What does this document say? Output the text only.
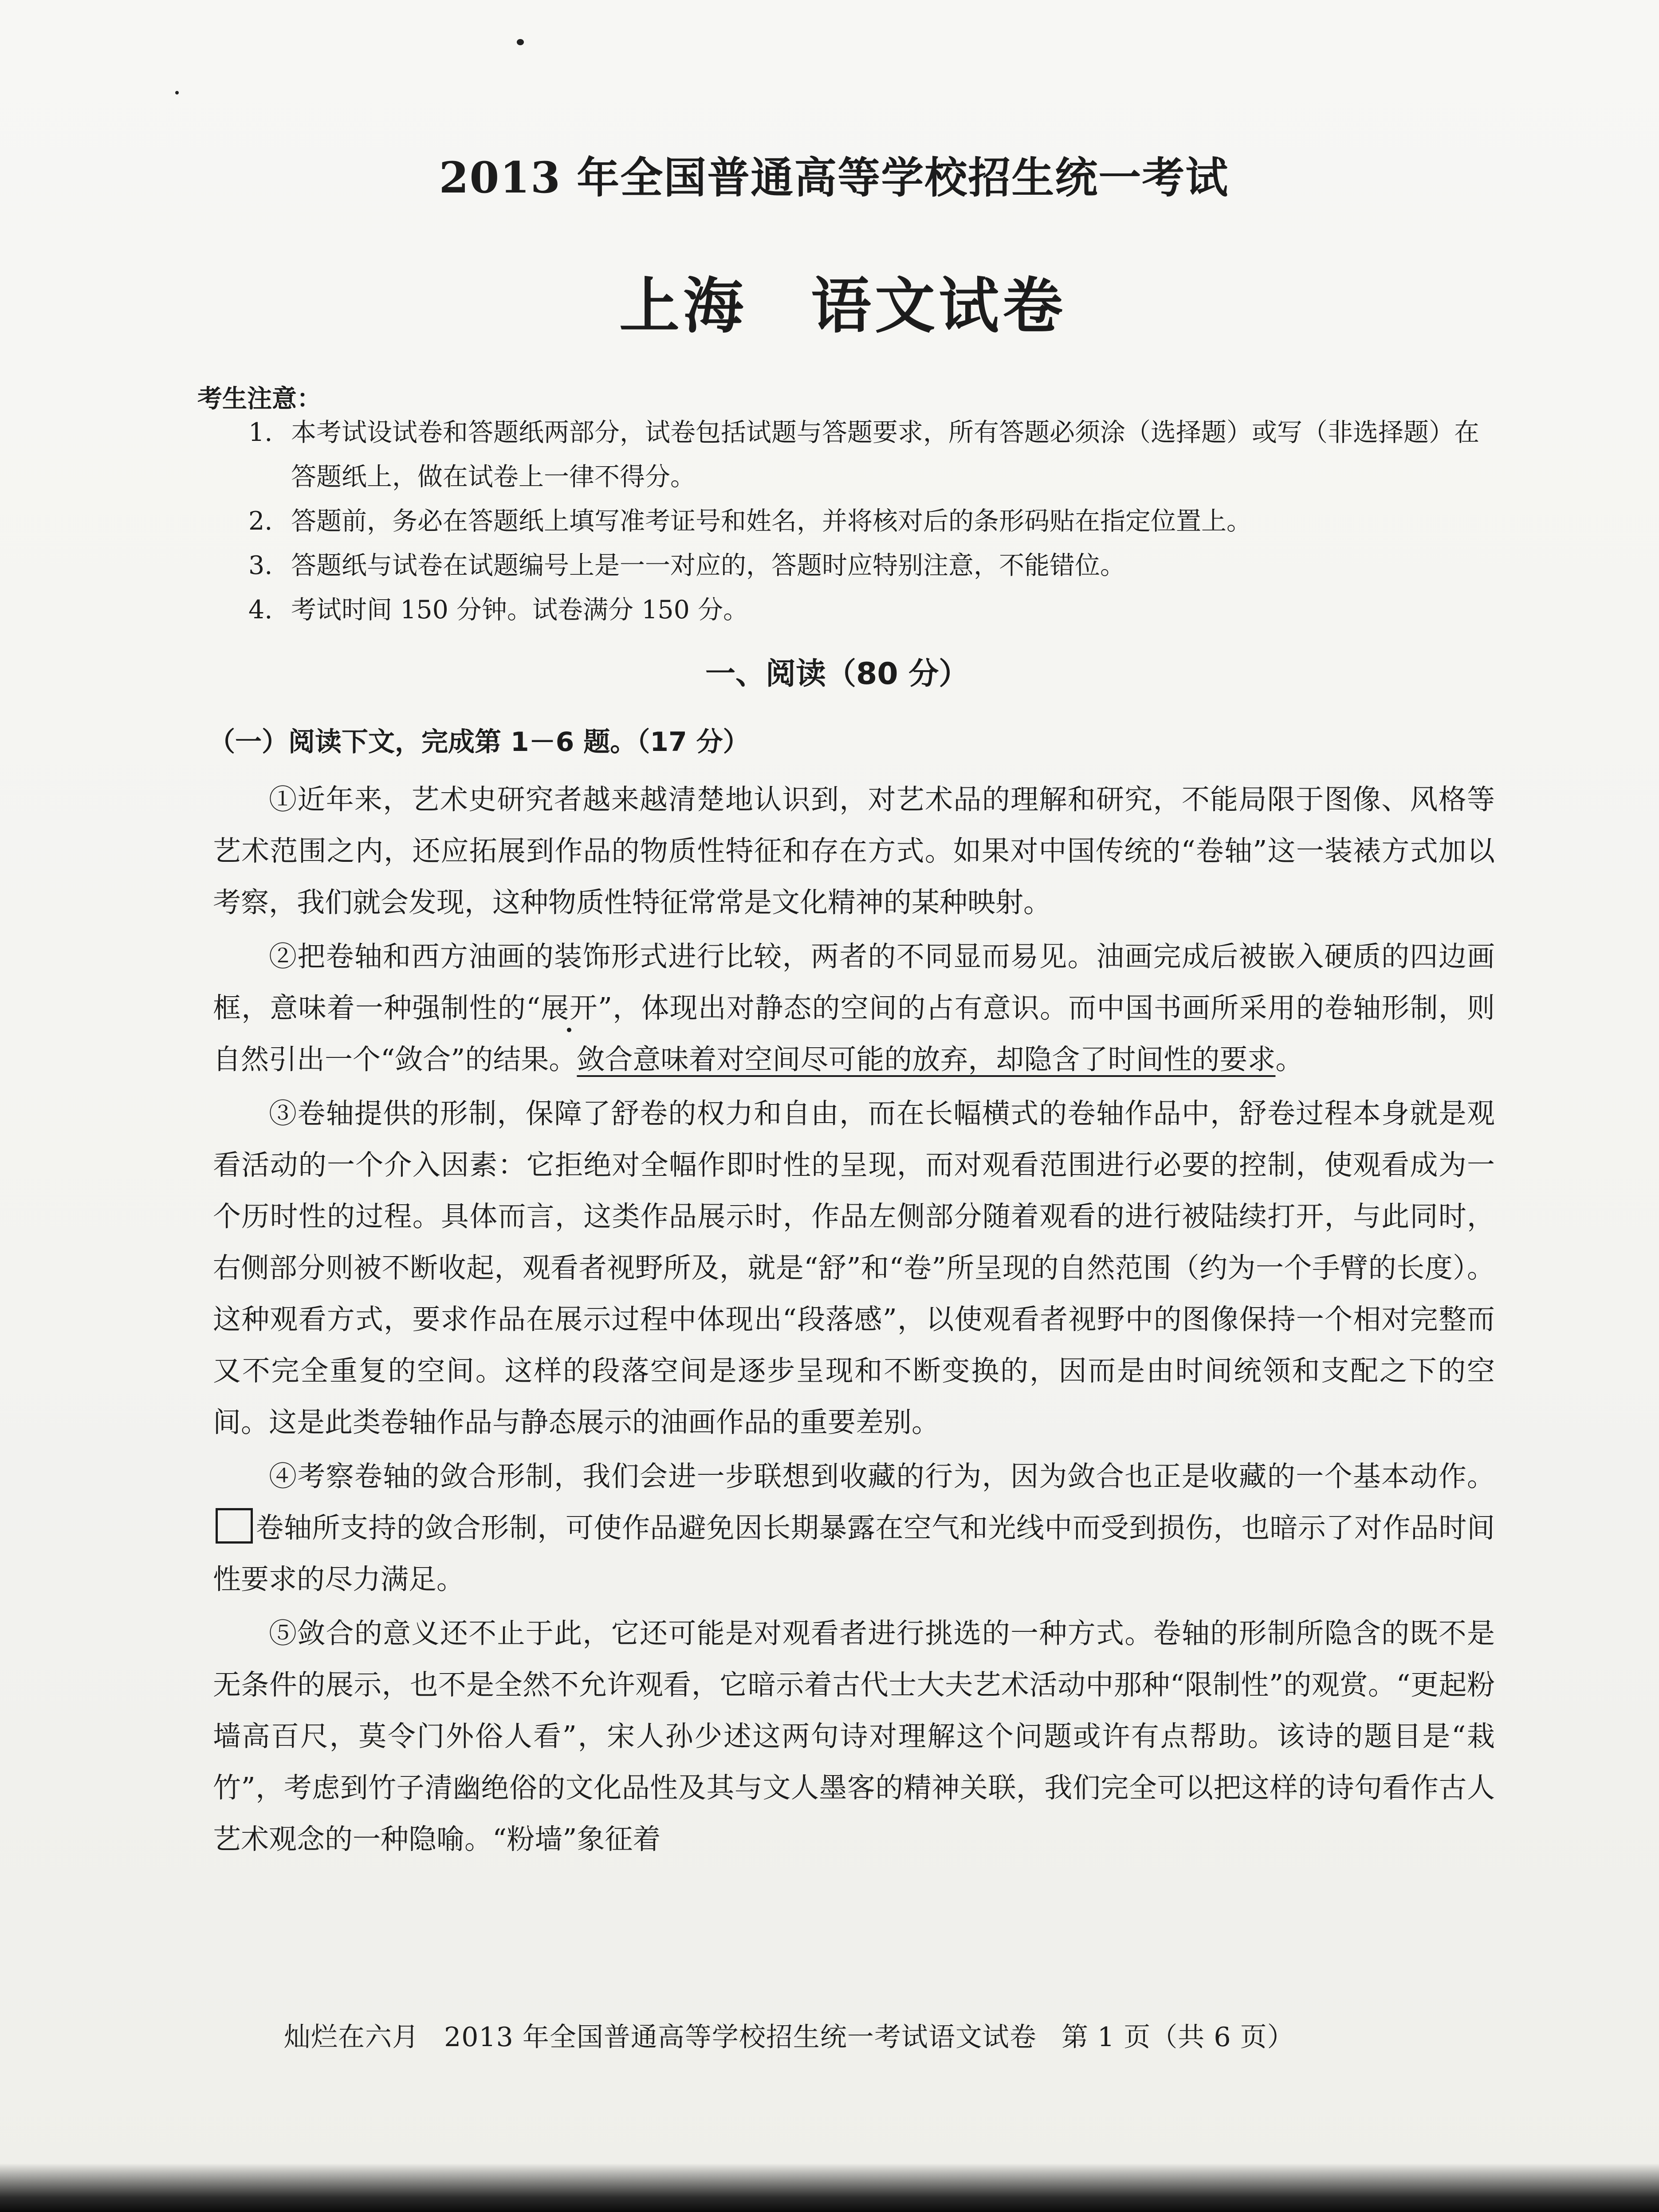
2013 年全国普通高等学校招生统一考试
上海　语文试卷
考生注意：
1. 本考试设试卷和答题纸两部分，试卷包括试题与答题要求，所有答题必须涂（选择题）或写（非选择题）在答题纸上，做在试卷上一律不得分。
2. 答题前，务必在答题纸上填写准考证号和姓名，并将核对后的条形码贴在指定位置上。
3. 答题纸与试卷在试题编号上是一一对应的，答题时应特别注意，不能错位。
4. 考试时间 150 分钟。试卷满分 150 分。
一、阅读（80 分）
（一）阅读下文，完成第 1－6 题。（17 分）

①近年来，艺术史研究者越来越清楚地认识到，对艺术品的理解和研究，不能局限于图像、风格等艺术范围之内，还应拓展到作品的物质性特征和存在方式。如果对中国传统的“卷轴”这一装裱方式加以考察，我们就会发现，这种物质性特征常常是文化精神的某种映射。

②把卷轴和西方油画的装饰形式进行比较，两者的不同显而易见。油画完成后被嵌入硬质的四边画框，意味着一种强制性的“展开”，体现出对静态的空间的占有意识。而中国书画所采用的卷轴形制，则自然引出一个“敛合”的结果。敛合意味着对空间尽可能的放弃，却隐含了时间性的要求。

③卷轴提供的形制，保障了舒卷的权力和自由，而在长幅横式的卷轴作品中，舒卷过程本身就是观看活动的一个介入因素：它拒绝对全幅作即时性的呈现，而对观看范围进行必要的控制，使观看成为一个历时性的过程。具体而言，这类作品展示时，作品左侧部分随着观看的进行被陆续打开，与此同时，右侧部分则被不断收起，观看者视野所及，就是“舒”和“卷”所呈现的自然范围（约为一个手臂的长度）。这种观看方式，要求作品在展示过程中体现出“段落感”，以使观看者视野中的图像保持一个相对完整而又不完全重复的空间。这样的段落空间是逐步呈现和不断变换的，因而是由时间统领和支配之下的空间。这是此类卷轴作品与静态展示的油画作品的重要差别。

④考察卷轴的敛合形制，我们会进一步联想到收藏的行为，因为敛合也正是收藏的一个基本动作。卷轴所支持的敛合形制，可使作品避免因长期暴露在空气和光线中而受到损伤，也暗示了对作品时间性要求的尽力满足。

⑤敛合的意义还不止于此，它还可能是对观看者进行挑选的一种方式。卷轴的形制所隐含的既不是无条件的展示，也不是全然不允许观看，它暗示着古代士大夫艺术活动中那种“限制性”的观赏。“更起粉墙高百尺，莫令门外俗人看”，宋人孙少述这两句诗对理解这个问题或许有点帮助。该诗的题目是“栽竹”，考虑到竹子清幽绝俗的文化品性及其与文人墨客的精神关联，我们完全可以把这样的诗句看作古人艺术观念的一种隐喻。“粉墙”象征着

灿烂在六月 2013 年全国普通高等学校招生统一考试语文试卷 第 1 页（共 6 页）
